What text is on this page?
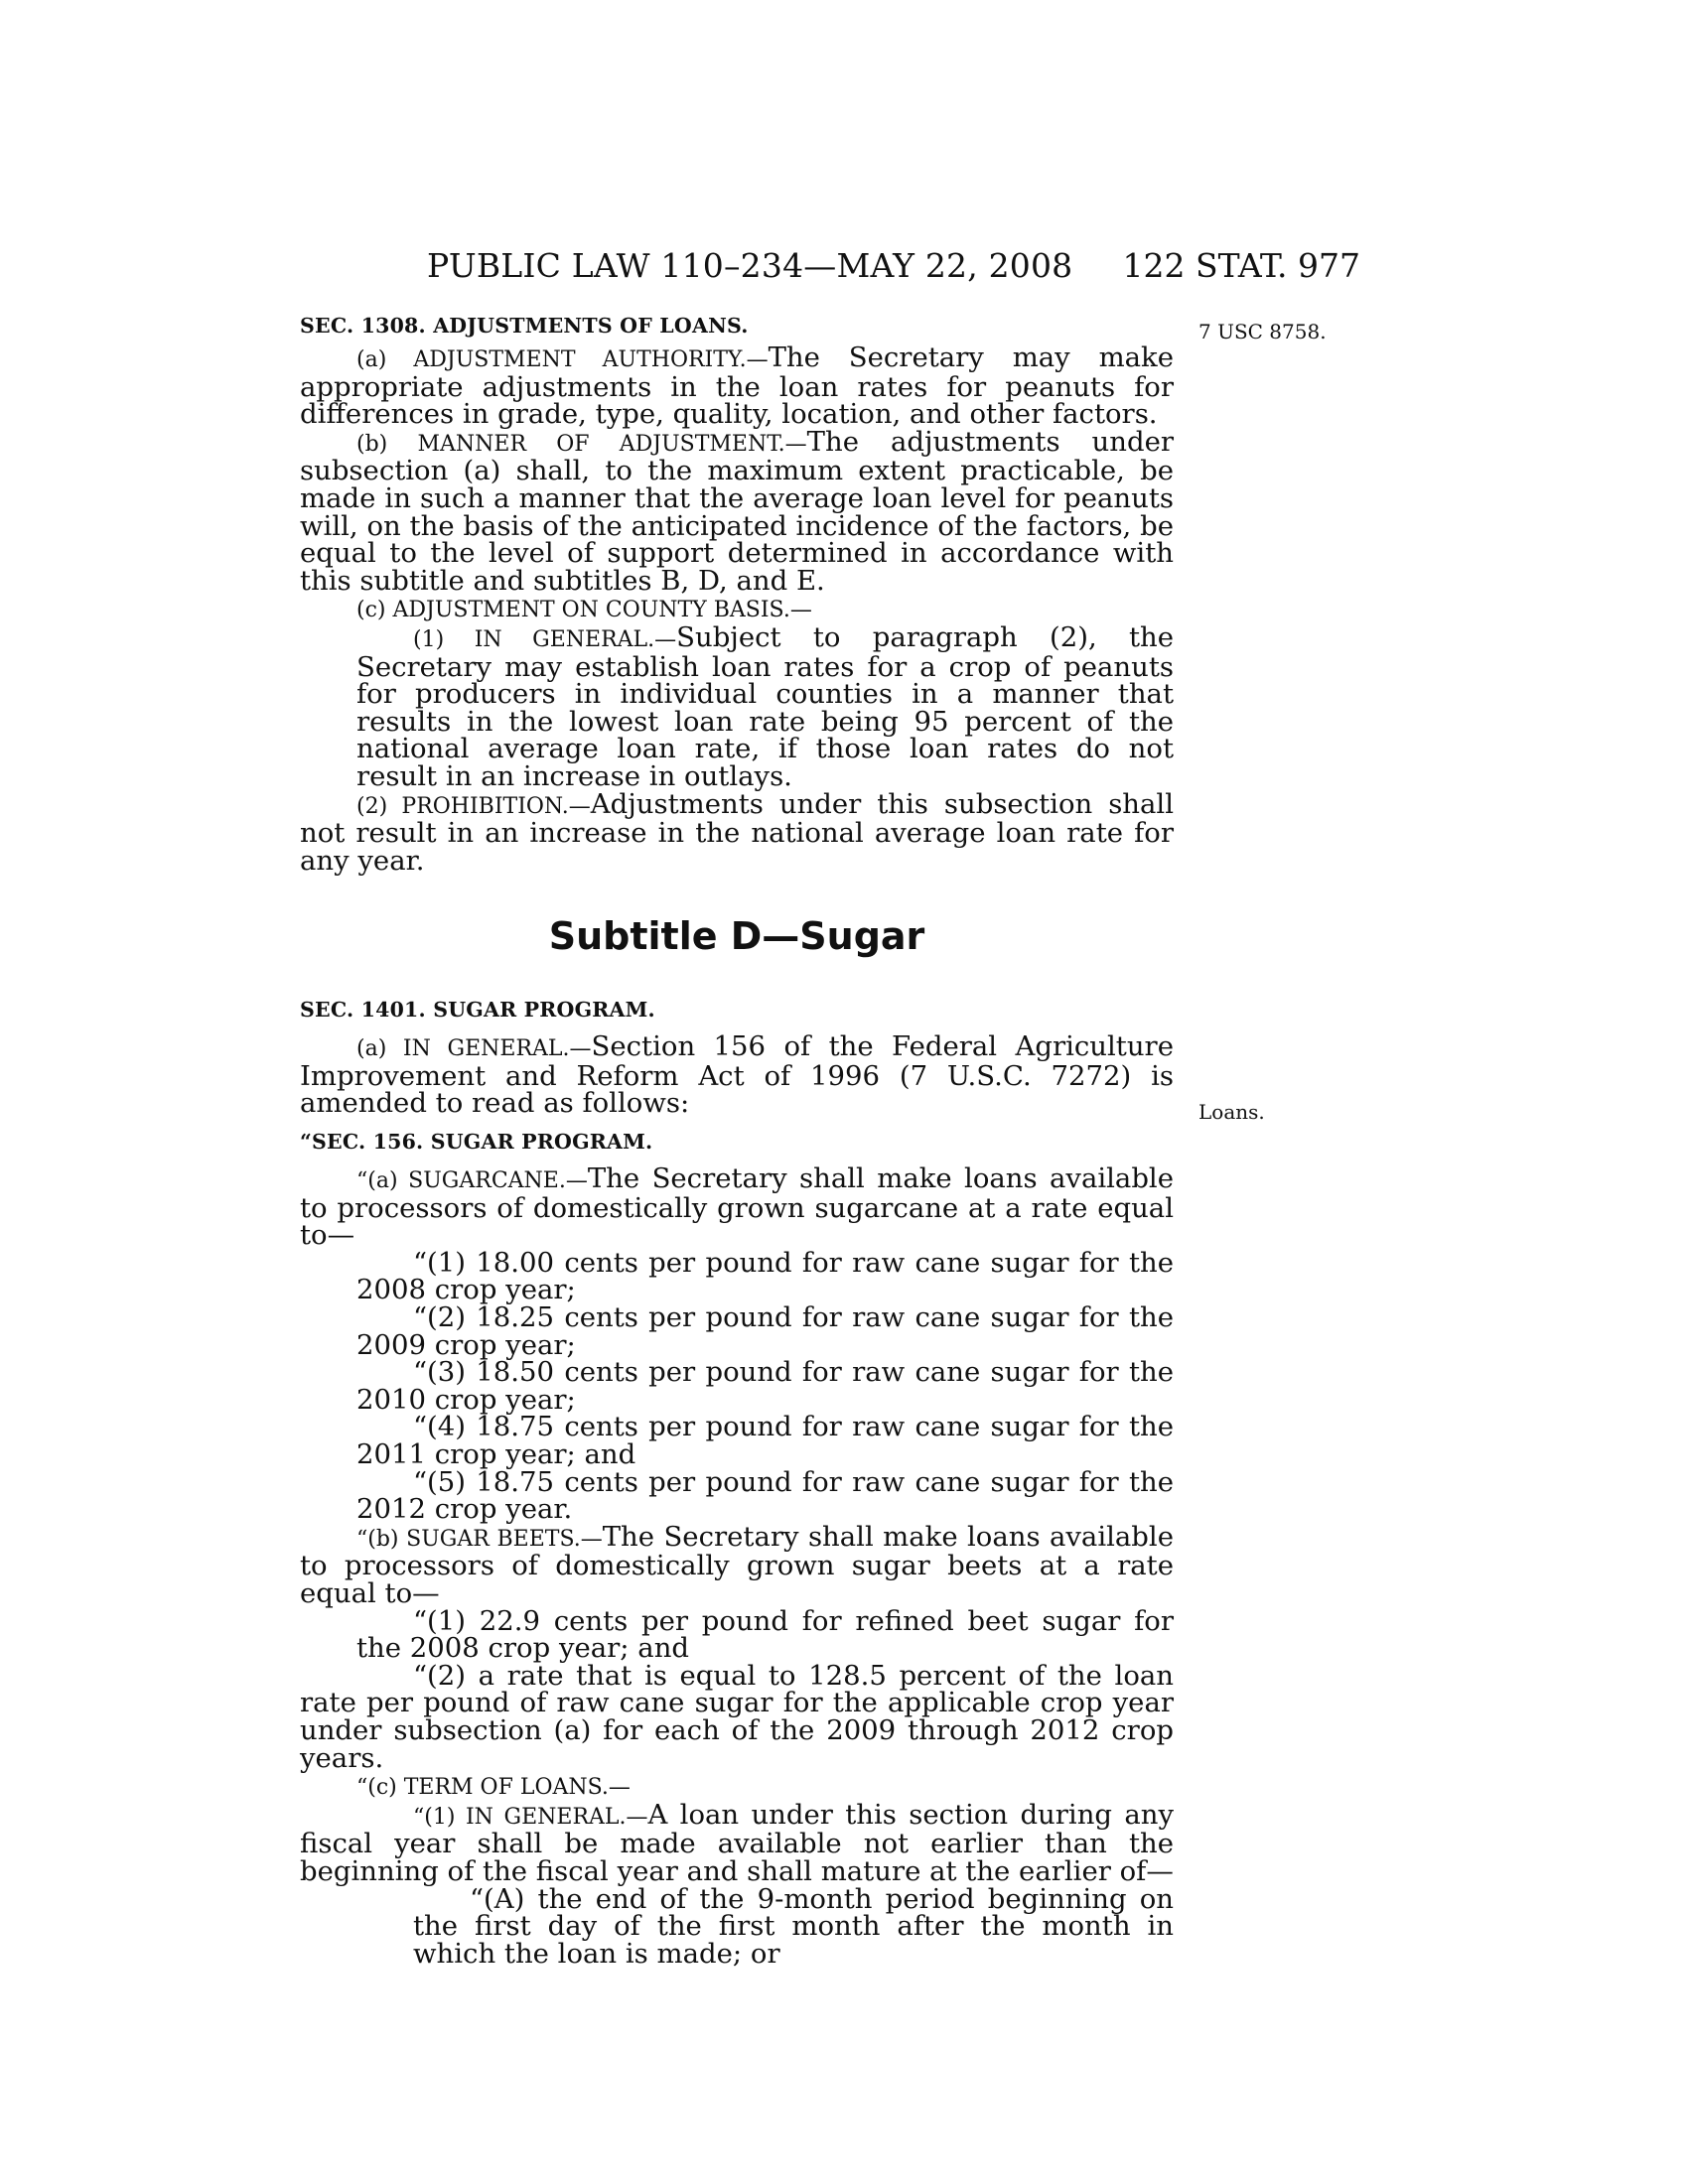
PUBLIC LAW 110–234—MAY 22, 2008 122 STAT. 977
7 USC 8758.
Loans.

SEC. 1308. ADJUSTMENTS OF LOANS.

(a) ADJUSTMENT AUTHORITY.—The Secretary may make appropriate adjustments in the loan rates for peanuts for differences in grade, type, quality, location, and other factors.

(b) MANNER OF ADJUSTMENT.—The adjustments under subsection (a) shall, to the maximum extent practicable, be made in such a manner that the average loan level for peanuts will, on the basis of the anticipated incidence of the factors, be equal to the level of support determined in accordance with this subtitle and subtitles B, D, and E.

(c) ADJUSTMENT ON COUNTY BASIS.—

(1) IN GENERAL.—Subject to paragraph (2), the Secretary may establish loan rates for a crop of peanuts for producers in individual counties in a manner that results in the lowest loan rate being 95 percent of the national average loan rate, if those loan rates do not result in an increase in outlays.

(2) PROHIBITION.—Adjustments under this subsection shall not result in an increase in the national average loan rate for any year.

Subtitle D—Sugar

SEC. 1401. SUGAR PROGRAM.

(a) IN GENERAL.—Section 156 of the Federal Agriculture Improvement and Reform Act of 1996 (7 U.S.C. 7272) is amended to read as follows:

“SEC. 156. SUGAR PROGRAM.

“(a) SUGARCANE.—The Secretary shall make loans available to processors of domestically grown sugarcane at a rate equal to—

“(1) 18.00 cents per pound for raw cane sugar for the 2008 crop year;

“(2) 18.25 cents per pound for raw cane sugar for the 2009 crop year;

“(3) 18.50 cents per pound for raw cane sugar for the 2010 crop year;

“(4) 18.75 cents per pound for raw cane sugar for the 2011 crop year; and

“(5) 18.75 cents per pound for raw cane sugar for the 2012 crop year.

“(b) SUGAR BEETS.—The Secretary shall make loans available to processors of domestically grown sugar beets at a rate equal to—

“(1) 22.9 cents per pound for refined beet sugar for the 2008 crop year; and

“(2) a rate that is equal to 128.5 percent of the loan rate per pound of raw cane sugar for the applicable crop year under subsection (a) for each of the 2009 through 2012 crop years.

“(c) TERM OF LOANS.—

“(1) IN GENERAL.—A loan under this section during any fiscal year shall be made available not earlier than the beginning of the fiscal year and shall mature at the earlier of—

“(A) the end of the 9-month period beginning on the first day of the first month after the month in which the loan is made; or
